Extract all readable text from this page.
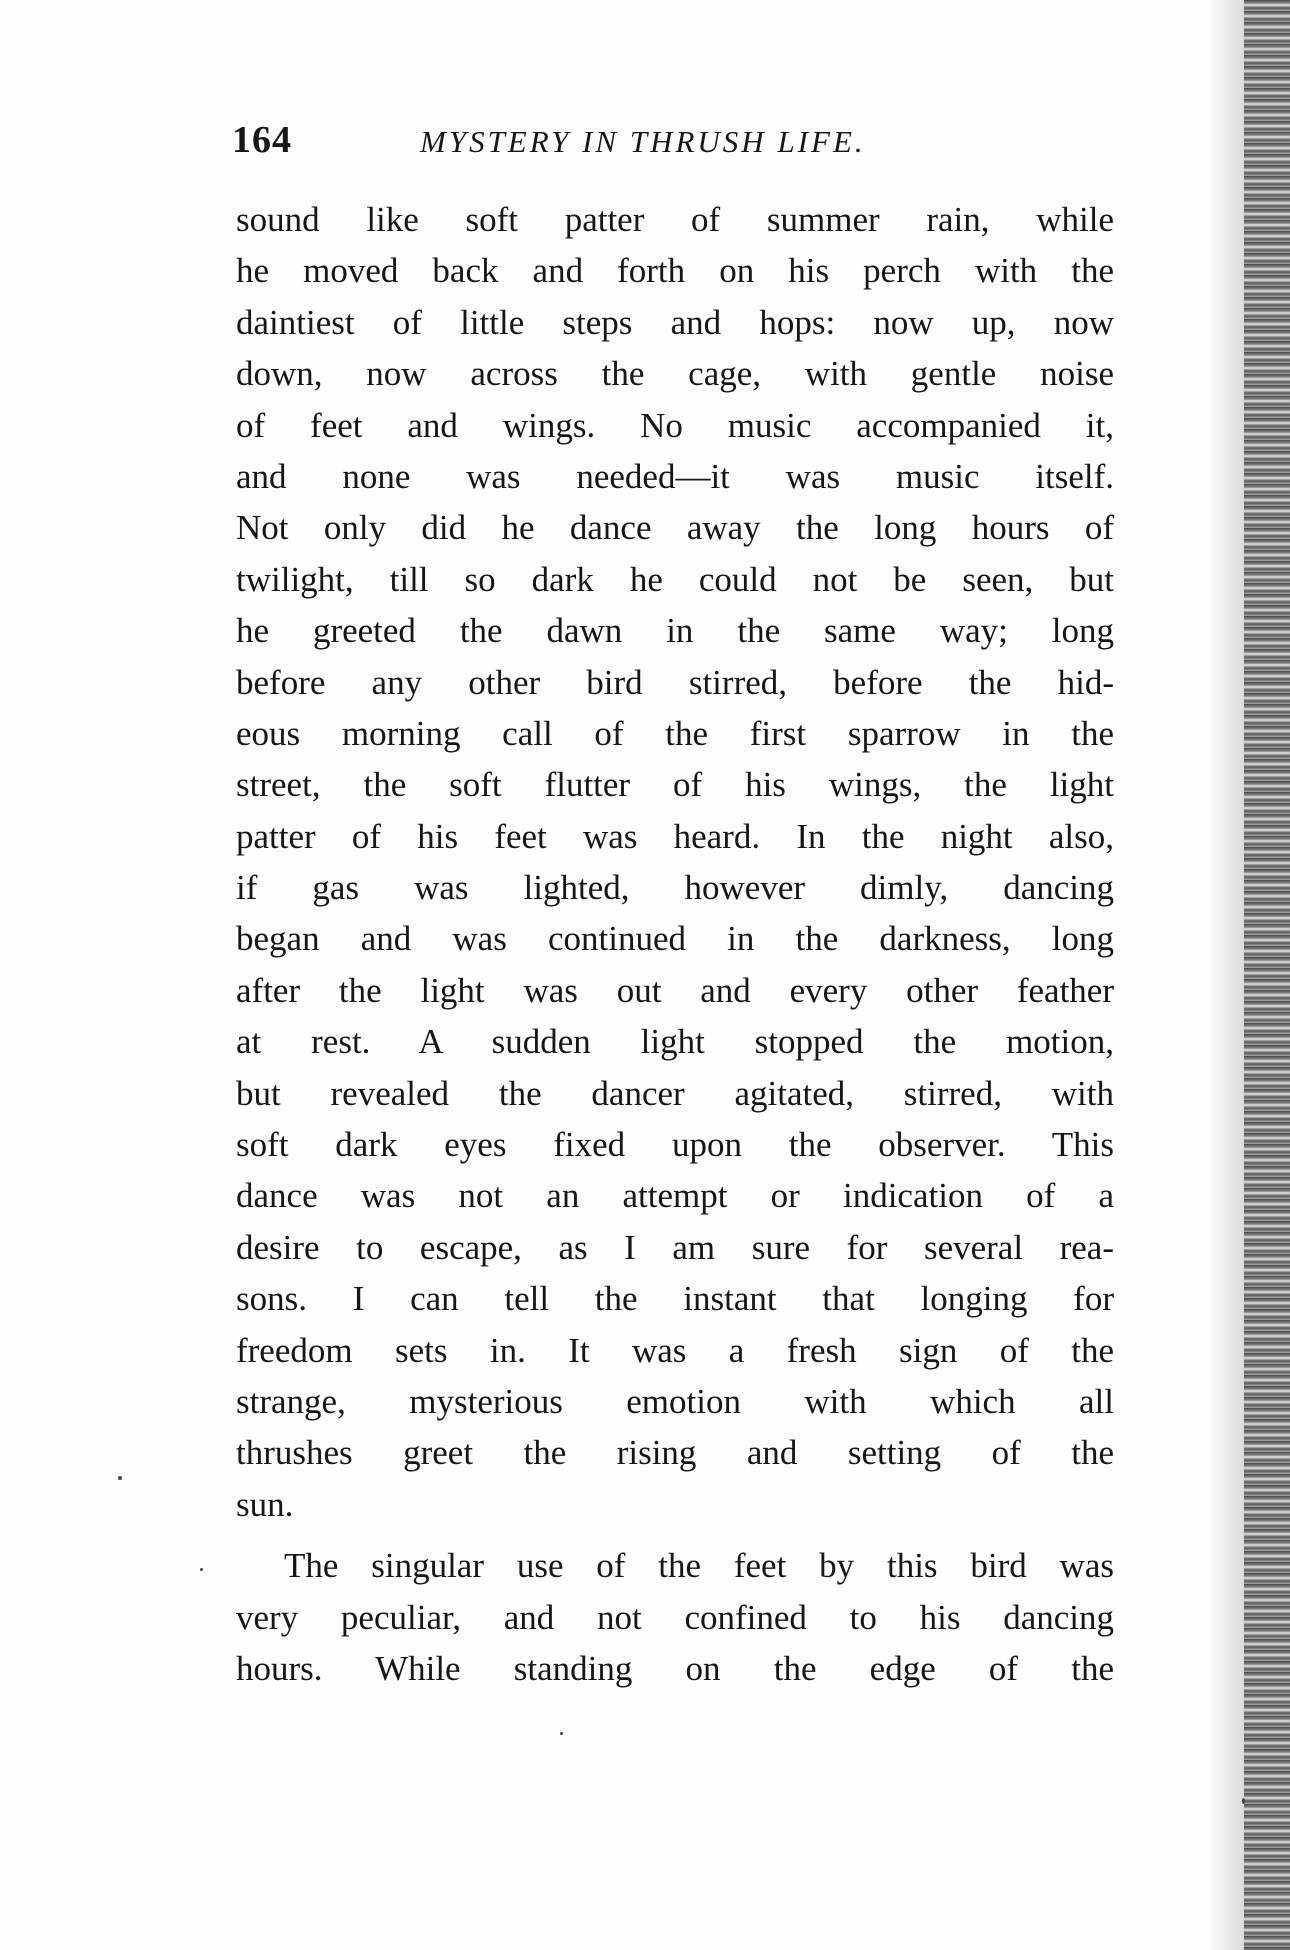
164	MYSTERY IN THRUSH LIFE.
sound like soft patter of summer rain, while
he moved back and forth on his perch with the
daintiest of little steps and hops: now up, now
down, now across the cage, with gentle noise
of feet and wings. No music accompanied it,
and none was needed—it was music itself.
Not only did he dance away the long hours of
twilight, till so dark he could not be seen, but
he greeted the dawn in the same way; long
before any other bird stirred, before the hid-
eous morning call of the first sparrow in the
street, the soft flutter of his wings, the light
patter of his feet was heard. In the night also,
if gas was lighted, however dimly, dancing
began and was continued in the darkness, long
after the light was out and every other feather
at rest. A sudden light stopped the motion,
but revealed the dancer agitated, stirred, with
soft dark eyes fixed upon the observer. This
dance was not an attempt or indication of a
desire to escape, as I am sure for several rea-
sons. I can tell the instant that longing for
freedom sets in. It was a fresh sign of the
strange, mysterious emotion with which all
thrushes greet the rising and setting of the
sun.
The singular use of the feet by this bird was
very peculiar, and not confined to his dancing
hours. While standing on the edge of the
